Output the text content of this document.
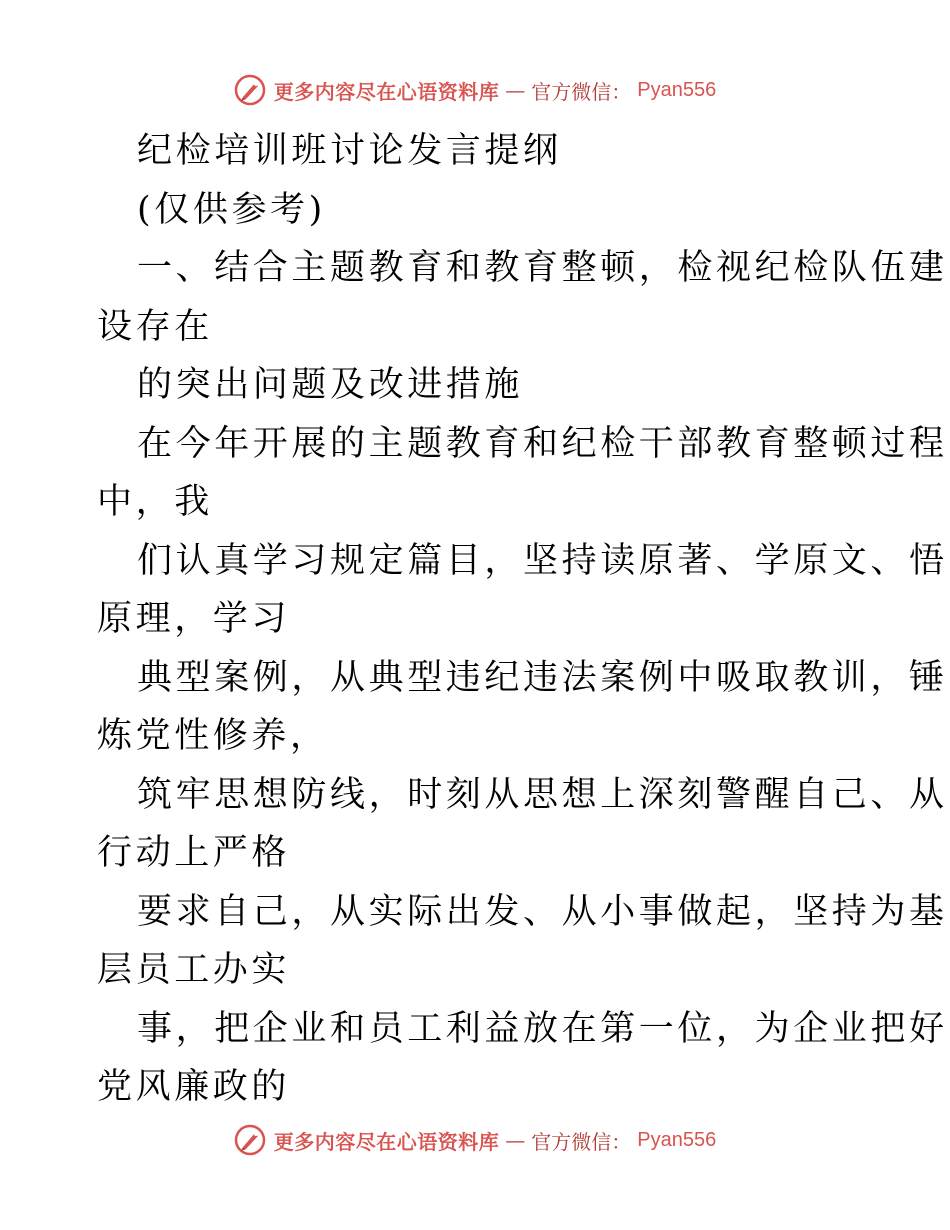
更多内容尽在心语资料库 — 官方微信： Pyan556
纪检培训班讨论发言提纲
(仅供参考)
一、结合主题教育和教育整顿，检视纪检队伍建
设存在
的突出问题及改进措施
在今年开展的主题教育和纪检干部教育整顿过程
中，我
们认真学习规定篇目，坚持读原著、学原文、悟
原理，学习
典型案例，从典型违纪违法案例中吸取教训，锤
炼党性修养，
筑牢思想防线，时刻从思想上深刻警醒自己、从
行动上严格
要求自己，从实际出发、从小事做起，坚持为基
层员工办实
事，把企业和员工利益放在第一位，为企业把好
党风廉政的
更多内容尽在心语资料库 — 官方微信： Pyan556
